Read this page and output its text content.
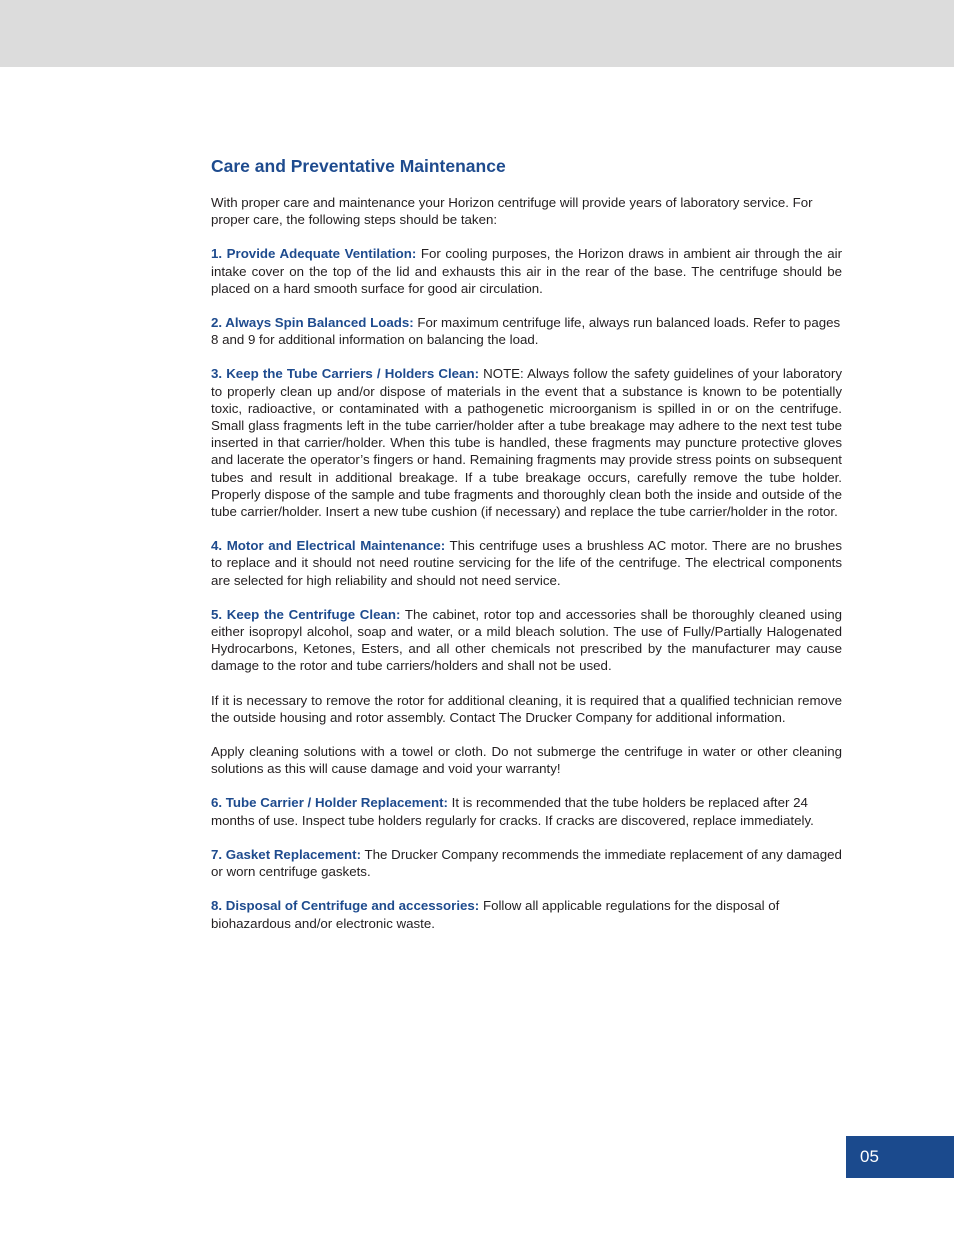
Care and Preventative Maintenance

With proper care and maintenance your Horizon centrifuge will provide years of laboratory service. For proper care, the following steps should be taken:

1. Provide Adequate Ventilation: For cooling purposes, the Horizon draws in ambient air through the air intake cover on the top of the lid and exhausts this air in the rear of the base. The centrifuge should be placed on a hard smooth surface for good air circulation.

2. Always Spin Balanced Loads: For maximum centrifuge life, always run balanced loads. Refer to pages 8 and 9 for additional information on balancing the load.

3. Keep the Tube Carriers / Holders Clean: NOTE: Always follow the safety guidelines of your laboratory to properly clean up and/or dispose of materials in the event that a substance is known to be potentially toxic, radioactive, or contaminated with a pathogenetic microorganism is spilled in or on the centrifuge. Small glass fragments left in the tube carrier/holder after a tube breakage may adhere to the next test tube inserted in that carrier/holder. When this tube is handled, these fragments may puncture protective gloves and lacerate the operator’s fingers or hand. Remaining fragments may provide stress points on subsequent tubes and result in additional breakage. If a tube breakage occurs, carefully remove the tube holder. Properly dispose of the sample and tube fragments and thoroughly clean both the inside and outside of the tube carrier/holder. Insert a new tube cushion (if necessary) and replace the tube carrier/holder in the rotor.

4. Motor and Electrical Maintenance: This centrifuge uses a brushless AC motor. There are no brushes to replace and it should not need routine servicing for the life of the centrifuge. The electrical components are selected for high reliability and should not need service.

5. Keep the Centrifuge Clean: The cabinet, rotor top and accessories shall be thoroughly cleaned using either isopropyl alcohol, soap and water, or a mild bleach solution. The use of Fully/Partially Halogenated Hydrocarbons, Ketones, Esters, and all other chemicals not prescribed by the manufacturer may cause damage to the rotor and tube carriers/holders and shall not be used.

If it is necessary to remove the rotor for additional cleaning, it is required that a qualified technician remove the outside housing and rotor assembly. Contact The Drucker Company for additional information.

Apply cleaning solutions with a towel or cloth. Do not submerge the centrifuge in water or other cleaning solutions as this will cause damage and void your warranty!

6. Tube Carrier / Holder Replacement: It is recommended that the tube holders be replaced after 24 months of use. Inspect tube holders regularly for cracks. If cracks are discovered, replace immediately.

7. Gasket Replacement: The Drucker Company recommends the immediate replacement of any damaged or worn centrifuge gaskets.

8. Disposal of Centrifuge and accessories: Follow all applicable regulations for the disposal of biohazardous and/or electronic waste.

05
